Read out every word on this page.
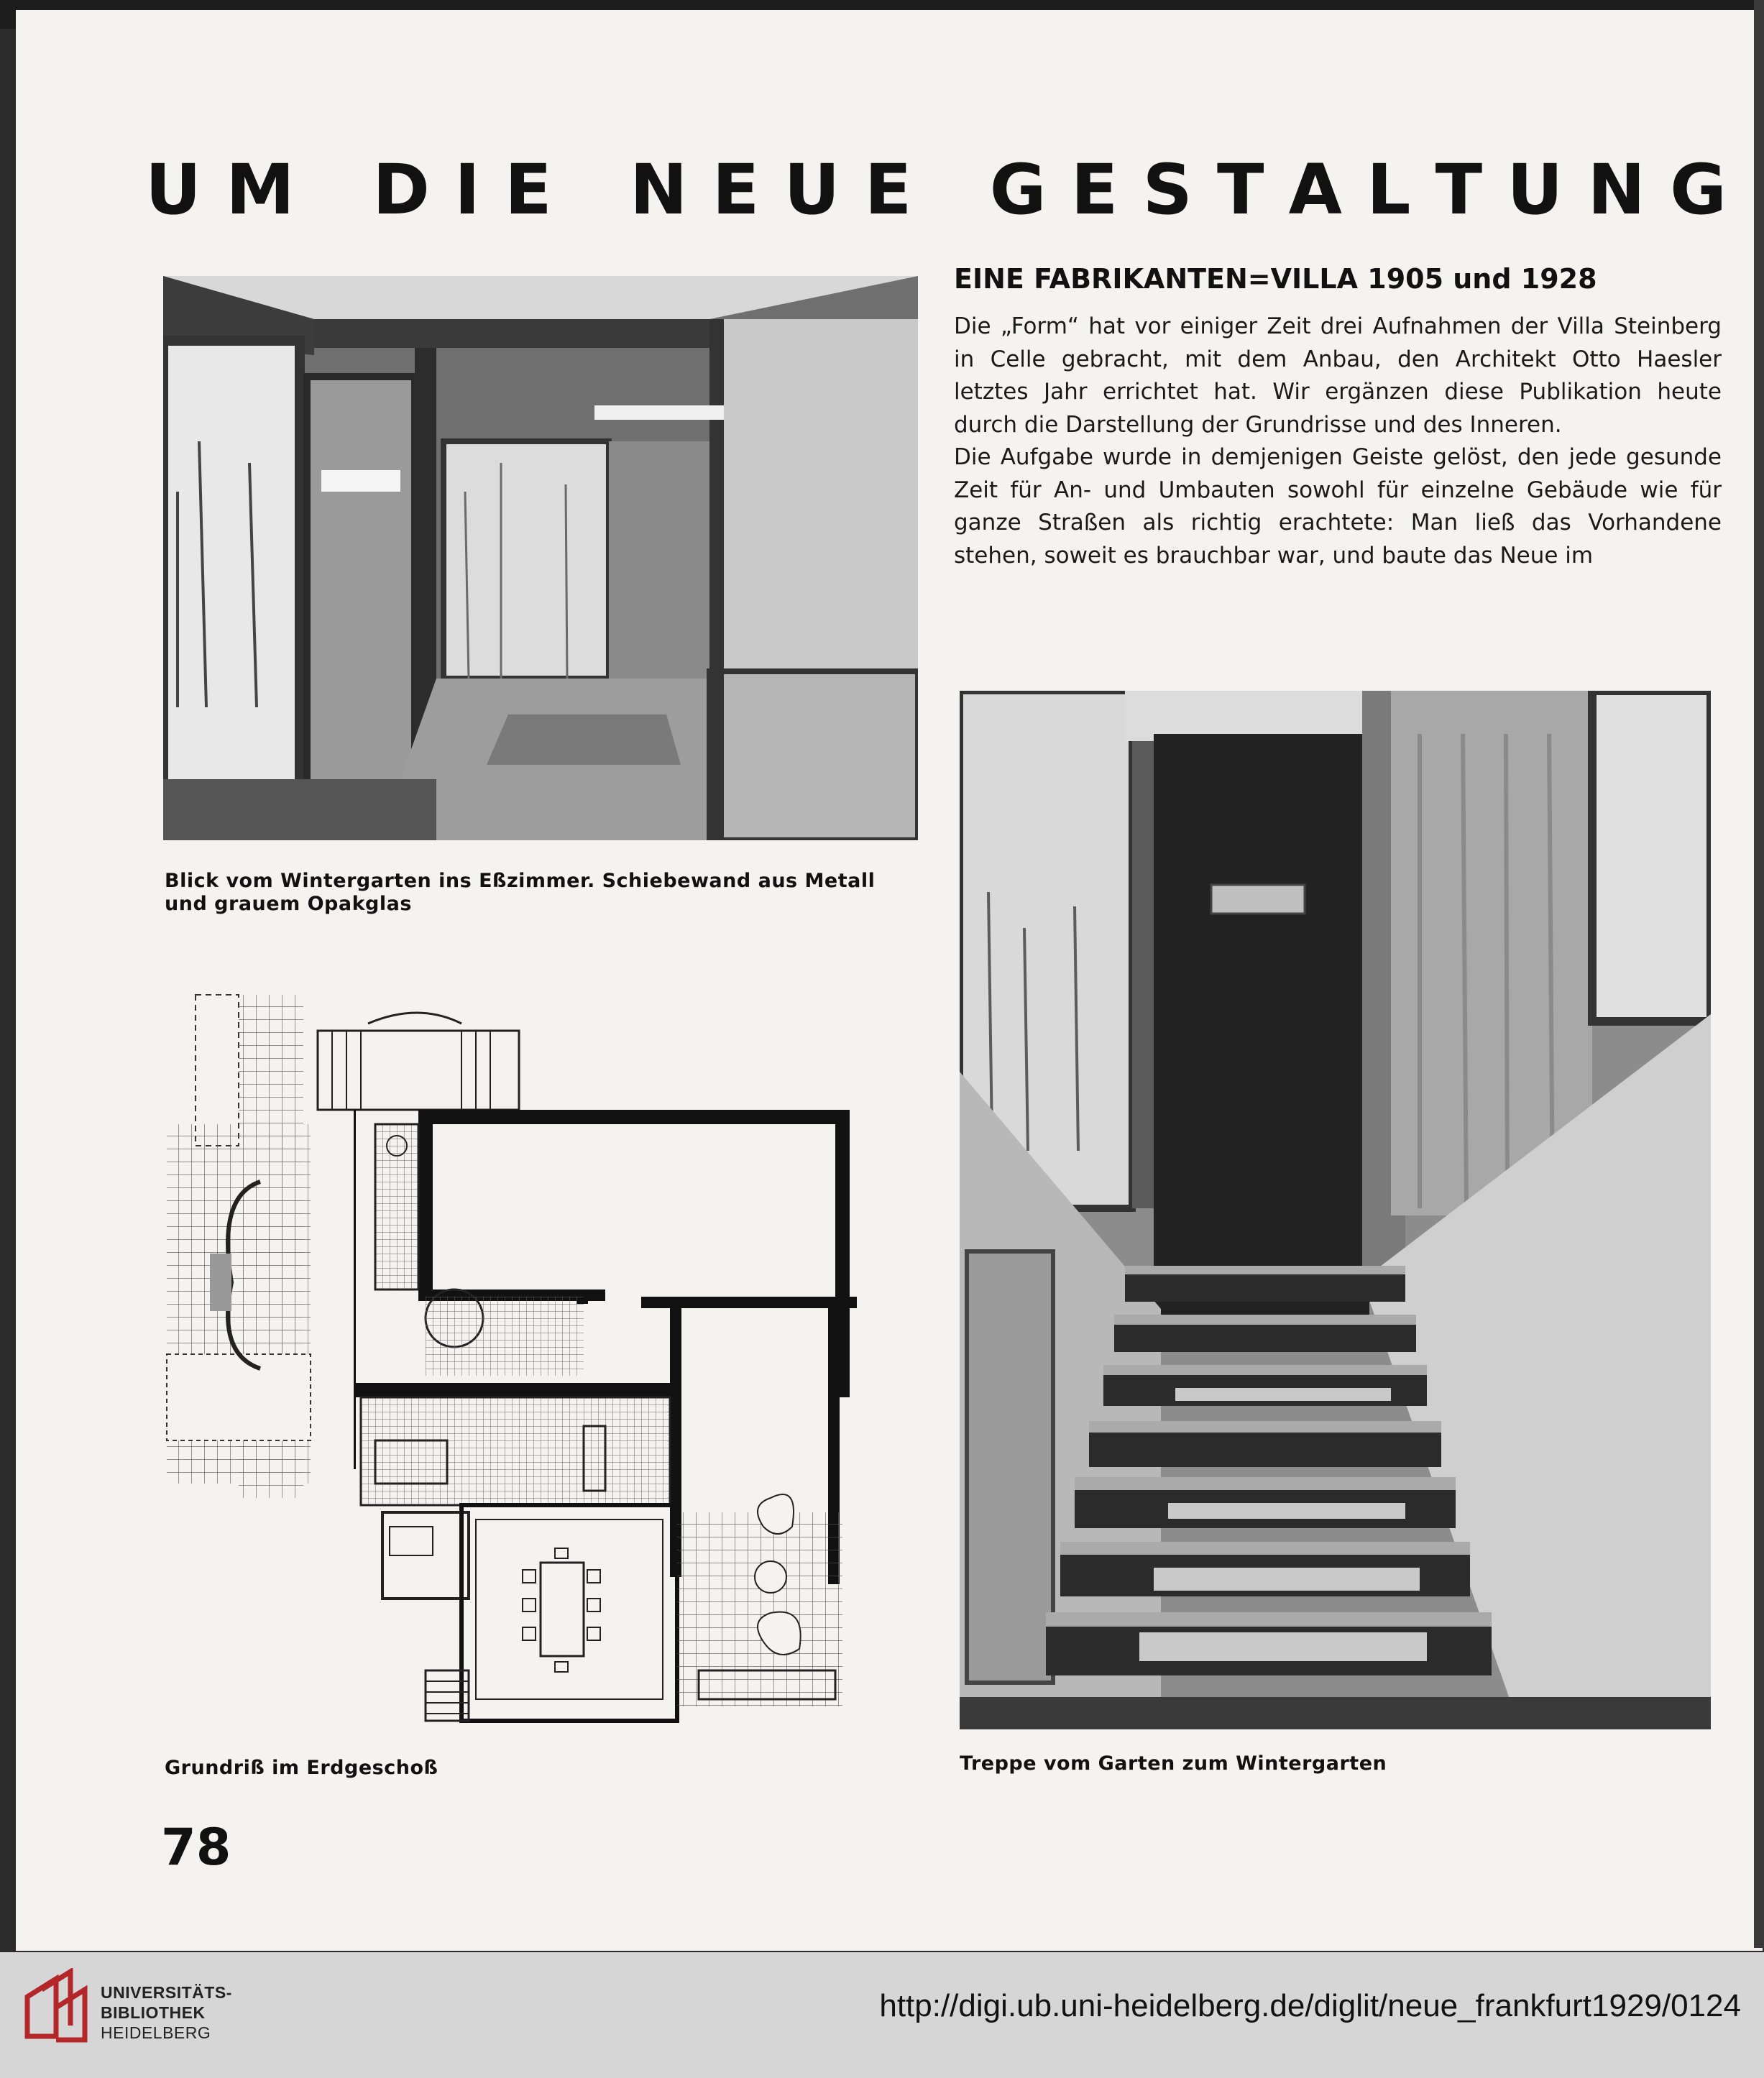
U M D I E N E U E G E S T A L T U N G
Blick vom Wintergarten ins Eßzimmer. Schiebewand aus Metall und grauem Opakglas
EINE FABRIKANTEN=VILLA 1905 und 1928

Die „Form“ hat vor einiger Zeit drei Aufnahmen der Villa Steinberg in Celle gebracht, mit dem Anbau, den Architekt Otto Haesler letztes Jahr errichtet hat. Wir ergänzen diese Publikation heute durch die Darstellung der Grundrisse und des Inneren.

Die Aufgabe wurde in demjenigen Geiste gelöst, den jede gesunde Zeit für An- und Umbauten sowohl für einzelne Gebäude wie für ganze Straßen als richtig erachtete: Man ließ das Vorhandene stehen, soweit es brauchbar war, und baute das Neue im

Grundriß im Erdgeschoß	Treppe vom Garten zum Wintergarten
78
UNIVERSITÄTS-
BIBLIOTHEK
HEIDELBERG
http://digi.ub.uni-heidelberg.de/diglit/neue_frankfurt1929/0124
